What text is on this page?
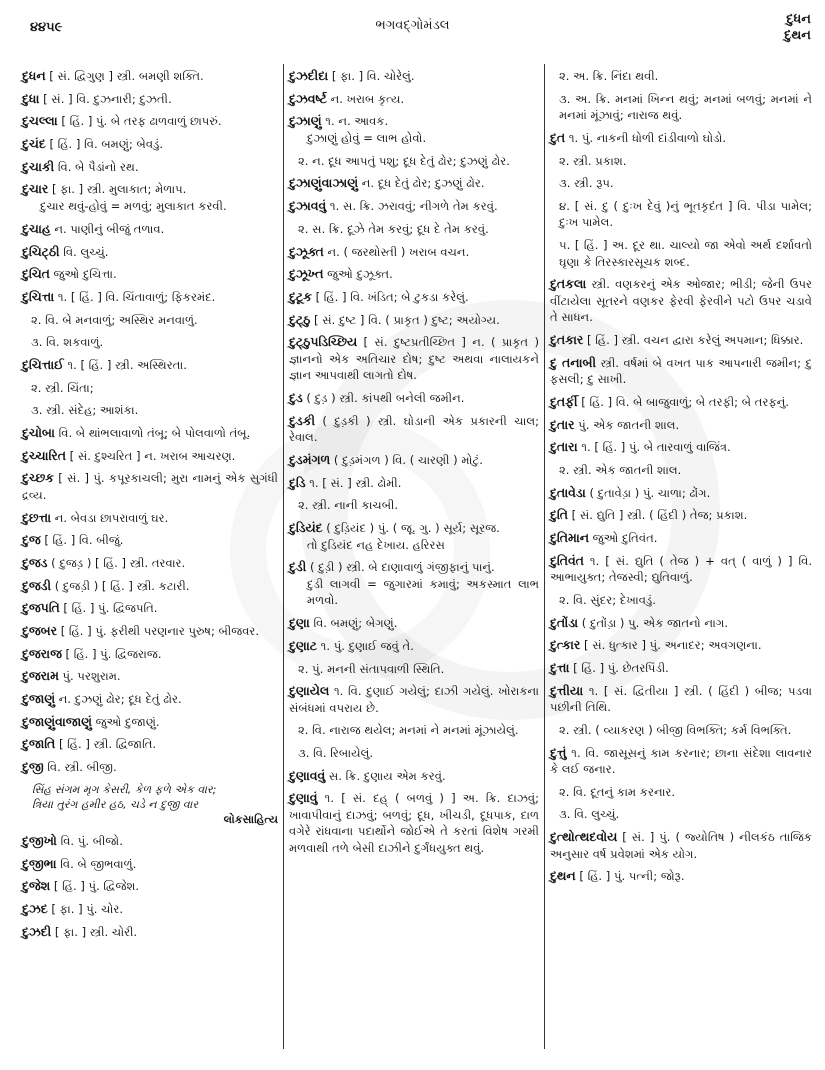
૪૪૫૯	ભગવદ્ગોમંડલ	દુધન
દુથન
દુધન [ સં. દ્વિગુણ ] સ્ત્રી. બમણી શક્તિ.
દુધા [ સં. ] વિ. દુઝનારી; દુઝતી.
દુચલ્લા [ હિં. ] પું. બે તરફ ઢાળવાળું છાપરું.
દુચંદ [ હિં. ] વિ. બમણું; બેવડું.
દુચાકી વિ. બે પૈડાંનો રથ.
દુચાર [ ફા. ] સ્ત્રી. મુલાકાત; મેળાપ.
દુચાર થવું-હોવું = મળવું; મુલાકાત કરવી.
દુચાહ ન. પાણીનું બીજું તળાવ.
દુચિટ્ઠી વિ. લુચ્ચું.
દુચિત જુઓ દુચિત્તા.
દુચિત્તા ૧. [ હિં. ] વિ. ચિંતાવાળું; ફિકરમંદ.
૨. વિ. બે મનવાળું; અસ્થિર મનવાળું.
૩. વિ. શકવાળું.
દુચિત્તાઈ ૧. [ હિં. ] સ્ત્રી. અસ્થિરતા.
૨. સ્ત્રી. ચિંતા;
૩. સ્ત્રી. સંદેહ; આશંકા.
દુચોબા વિ. બે થાંભલાવાળો તંબૂ; બે પોલવાળો તંબૂ.
દુચ્ચારિત [ સં. દુશ્ચરિત ] ન. ખરાબ આચરણ.
દુચ્છક [ સં. ] પું. કપૂરકાચલી; મુરા નામનું એક સુગંધી દ્રવ્ય.
દુછત્તા ન. બેવડા છાપરાવાળું ઘર.
દુજ [ હિં. ] વિ. બીજું.
દુજડ ( દુજડ઼ ) [ હિં. ] સ્ત્રી. તરવાર.
દુજડી ( દુજડ઼ી ) [ હિં. ] સ્ત્રી. કટારી.
દુજપતિ [ હિં. ] પું. દ્વિજપતિ.
દુજબર [ હિં. ] પું. ફરીથી પરણનાર પુરુષ; બીજવર.
દુજરાજ [ હિં. ] પું. દ્વિજરાજ.
દુજરામ પું. પરશુરામ.
દુજાણું ન. દુઝણું ઢોર; દૂધ દેતું ઢોર.
દુજાણુંવાજાણું જુઓ દુજાણું.
દુજાતિ [ હિં. ] સ્ત્રી. દ્વિજાતિ.
દુજી વિ. સ્ત્રી. બીજી.
સિંહ સંગમ મૃગ કેસરી, કેળ ફળે એક વાર;
ત્રિયા તુરંગ હમીર હઠ, ચડે ન દુજી વાર
લોકસાહિત્ય
દુજીખો વિ. પું. બીજો.
દુજીભા વિ. બે જીભવાળું.
દુજેશ [ હિં. ] પું. દ્વિજેશ.
દુઝદ [ ફા. ] પું. ચોર.
દુઝદી [ ફા. ] સ્ત્રી. ચોરી.
દુઝદીદા [ ફા. ] વિ. ચોરેલું.
દુઝવર્ષ્ટ ન. ખરાબ કૃત્ય.
દુઝાણું ૧. ન. આવક.
દુઝાણું હોવું = લાભ હોવો.
૨. ન. દૂધ આપતું પશુ; દૂધ દેતું ઢોર; દુઝણું ઢોર.
દુઝાણુંવાઝાણું ન. દૂધ દેતું ઢોર; દુઝણું ઢોર.
દુઝાવવું ૧. સ. ક્રિ. ઝરાવવું; નીગળે તેમ કરવું.
૨. સ. ક્રિ. દૂઝે તેમ કરવું; દૂધ દે તેમ કરવું.
દુઝૂક્ત ન. ( જરથોસ્તી ) ખરાબ વચન.
દુઝૂખ્ત જુઓ દુઝૂક્ત.
દુટૂક [ હિં. ] વિ. ખંડિત; બે ટુકડા કરેલું.
દુટ્ઠુ [ સં. દુષ્ટ ] વિ. ( પ્રાકૃત ) દુષ્ટ; અયોગ્ય.
દુટ્ઠુપડિચ્છિય [ સં. દુષ્ટપ્રતીચ્છિત ] ન. ( પ્રાકૃત ) જ્ઞાનનો એક અતિચાર દોષ; દુષ્ટ અથવા નાલાયકને જ્ઞાન આપવાથી લાગતો દોષ.
દુડ ( દુડ઼ ) સ્ત્રી. કાંપથી બનેલી જમીન.
દુડકી ( દુડ઼કી ) સ્ત્રી. ઘોડાની એક પ્રકારની ચાલ; રેવાલ.
દુડમંગળ ( દુડ઼મંગળ ) વિ. ( ચારણી ) મોટું.
દુડિ ૧. [ સં. ] સ્ત્રી. ઢોમી.
૨. સ્ત્રી. નાની કાચબી.
દુડિયંદ ( દુડ઼િયંદ ) પું. ( જૂ. ગુ. ) સૂર્ય; સૂરજ.
તો દુડિયંદ નહ દેખાય. હરિરસ
દુડી ( દુડ઼ી ) સ્ત્રી. બે દાણાવાળું ગંજીફાનું પાનું.
દુડી લાગવી = જુગારમાં કમાવું; અકસ્માત લાભ મળવો.
દુણા વિ. બમણું; બેગણું.
દુણાટ ૧. પું. દુણાઈ જવું તે.
૨. પું. મનની સંતાપવાળી સ્થિતિ.
દુણાયેલ ૧. વિ. દુણાઈ ગયેલું; દાઝી ગયેલું. ખોરાકના સંબંધમાં વપરાય છે.
૨. વિ. નારાજ થયેલ; મનમાં ને મનમાં મૂંઝાયેલું.
૩. વિ. રિબાયેલું.
દુણાવવું સ. ક્રિ. દુણાય એમ કરવું.
દુણાવું ૧. [ સં. દહ્ ( બળવું ) ] અ. ક્રિ. દાઝવું; ખાવાપીવાનું દાઝવું; બળવું; દૂધ, ખીચડી, દૂધપાક, દાળ વગેરે રાંધવાના પદાર્થોને જોઈએ તે કરતાં વિશેષ ગરમી મળવાથી તળે બેસી દાઝીને દુર્ગંધયુક્ત થવું.
૨. અ. ક્રિ. નિંદા થવી.
૩. અ. ક્રિ. મનમાં ખિન્ન થવું; મનમાં બળવું; મનમાં ને મનમાં મૂંઝાવું; નારાજ થવું.
દુત ૧. પું. નાકની ધોળી દાંડીવાળો ઘોડો.
૨. સ્ત્રી. પ્રકાશ.
૩. સ્ત્રી. રૂપ.
૪. [ સં. દુ ( દુઃખ દેવું )નું ભૂતકૃદંત ] વિ. પીડા પામેલ; દુઃખ પામેલ.
૫. [ હિં. ] અ. દૂર થા. ચાલ્યો જા એવો અર્થ દર્શાવતો ઘૃણા કે તિરસ્કારસૂચક શબ્દ.
દુતકલા સ્ત્રી. વણકરનું એક ઓજાર; ભીડી; જેની ઉપર વીંટાયેલા સૂતરને વણકર ફેરવી ફેરવીને પટો ઉપર ચડાવે તે સાધન.
દુતકાર [ હિં. ] સ્ત્રી. વચન દ્વારા કરેલું અપમાન; ધિક્કાર.
દુ તનાબી સ્ત્રી. વર્ષમાં બે વખત પાક આપનારી જમીન; દુ ફસલી; દુ સાખી.
દુતર્ફી [ હિં. ] વિ. બે બાજુવાળું; બે તરફી; બે તરફનું.
દુતાર પું. એક જાતની શાલ.
દુતારા ૧. [ હિં. ] પું. બે તારવાળું વાજિંત્ર.
૨. સ્ત્રી. એક જાતની શાલ.
દુતાવેડા ( દુતાવેડ઼ા ) પું. ચાળા; ઢોંગ.
દુતિ [ સં. દ્યુતિ ] સ્ત્રી. ( હિંદી ) તેજ; પ્રકાશ.
દુતિમાન જુઓ દુતિવંત.
દુતિવંત ૧. [ સં. દ્યુતિ ( તેજ ) + વત્ ( વાળું ) ] વિ. આભાયુક્ત; તેજસ્વી; દ્યુતિવાળું.
૨. વિ. સુંદર; દેખાવડું.
દુતોંડા ( દુતોંડ઼ા ) પુ. એક જાતનો નાગ.
દુત્કાર [ સં. ધુત્કાર ] પું. અનાદર; અવગણના.
દુત્તા [ હિં. ] પું. છેતરપિંડી.
દુત્તીયા ૧. [ સં. દ્વિતીયા ] સ્ત્રી. ( હિંદી ) બીજ; પડવા પછીની તિથિ.
૨. સ્ત્રી. ( વ્યાકરણ ) બીજી વિભક્તિ; કર્મ વિભક્તિ.
દુત્તું ૧. વિ. જાસૂસનું કામ કરનાર; છાના સંદેશા લાવનાર કે લઈ જનાર.
૨. વિ. દૂતનું કામ કરનાર.
૩. વિ. લુચ્ચું.
દુત્થોત્થદવોય [ સં. ] પું. ( જ્યોતિષ ) નીલકંઠ તાજિક અનુસાર વર્ષ પ્રવેશમાં એક યોગ.
દુથન [ હિં. ] પું. પત્ની; જોરૂ.
